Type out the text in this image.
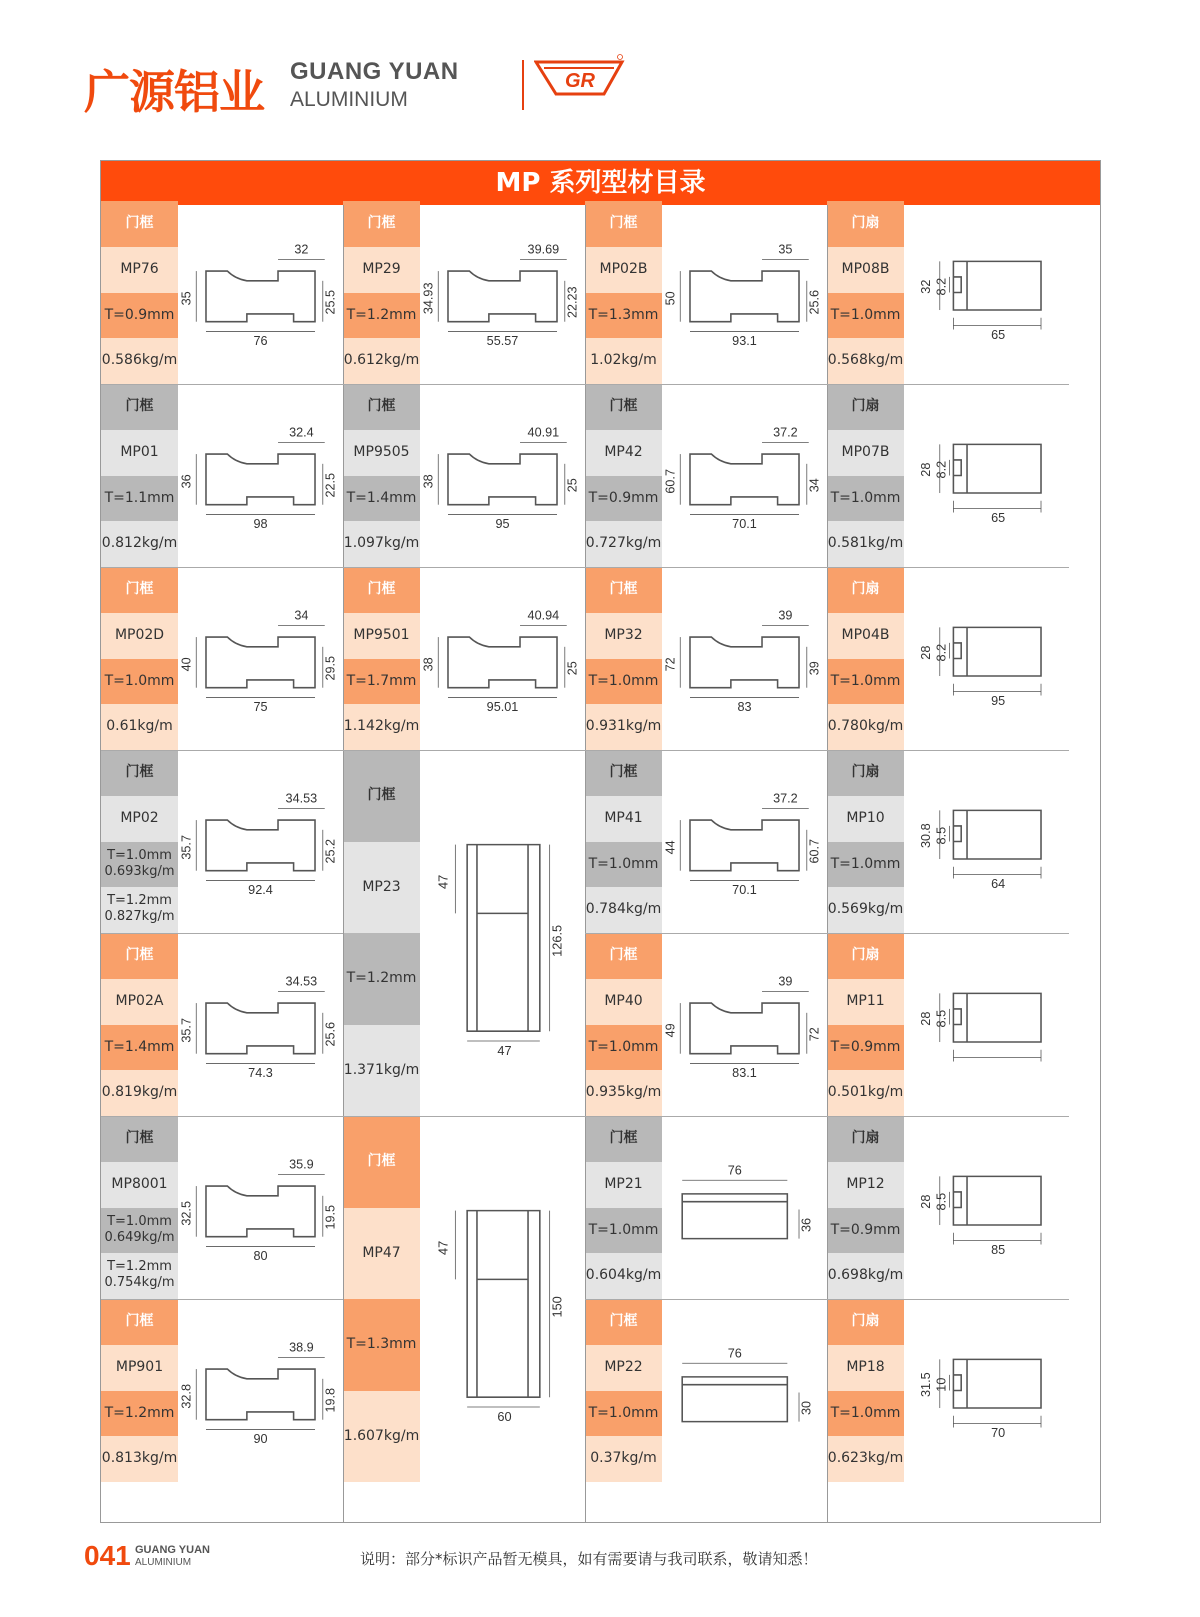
广源铝业 GUANG YUAN
ALUMINIUM
GR
MP 系列型材目录
门框
MP76
T=0.9mm
0.586kg/m
32
35	25.5
76
门框
MP29
T=1.2mm
0.612kg/m
39.69
34.93	22.23
55.57
门框
MP02B
T=1.3mm
1.02kg/m
35
50	25.6
93.1
门扇
MP08B
T=1.0mm
0.568kg/m
32 8.2
65
门框
MP01
T=1.1mm
0.812kg/m
32.4
36	22.5
98
门框
MP9505
T=1.4mm
1.097kg/m
40.91
38	25
95
门框
MP42
T=0.9mm
0.727kg/m
37.2
60.7	34
70.1
门扇
MP07B
T=1.0mm
0.581kg/m
28 8.2
65
门框
MP02D
T=1.0mm
0.61kg/m
34
40	29.5
75
门框
MP9501
T=1.7mm
1.142kg/m
40.94
38	25
95.01
门框
MP32
T=1.0mm
0.931kg/m
39
72	39
83
门扇
MP04B
T=1.0mm
0.780kg/m
28 8.2
95
门框
MP02
T=1.0mm
0.693kg/m
T=1.2mm
0.827kg/m
34.53
35.7	25.2
92.4
门框
MP41
T=1.0mm
0.784kg/m
37.2
44	60.7
70.1
门扇
MP10
T=1.0mm
0.569kg/m
30.8 8.5
64
门框
MP02A
T=1.4mm
0.819kg/m
34.53
35.7	25.6
74.3
门框
MP40
T=1.0mm
0.935kg/m
39
49	72
83.1
门扇
MP11
T=0.9mm
0.501kg/m
28 8.5
门框
MP8001
T=1.0mm
0.649kg/m
T=1.2mm
0.754kg/m
35.9
32.5	19.5
80
门框
MP21
T=1.0mm
0.604kg/m
76
36
门扇
MP12
T=0.9mm
0.698kg/m
28 8.5
85
门框
MP901
T=1.2mm
0.813kg/m
38.9
32.8	19.8
90
门框
MP22
T=1.0mm
0.37kg/m
76
30
门扇
MP18
T=1.0mm
0.623kg/m
31.5 10
70
门框
MP23
T=1.2mm
1.371kg/m
47
126.5
47
门框
MP47
T=1.3mm
1.607kg/m
47
150
60
041 GUANG YUAN
ALUMINIUM	说明：部分*标识产品暂无模具，如有需要请与我司联系，敬请知悉！
